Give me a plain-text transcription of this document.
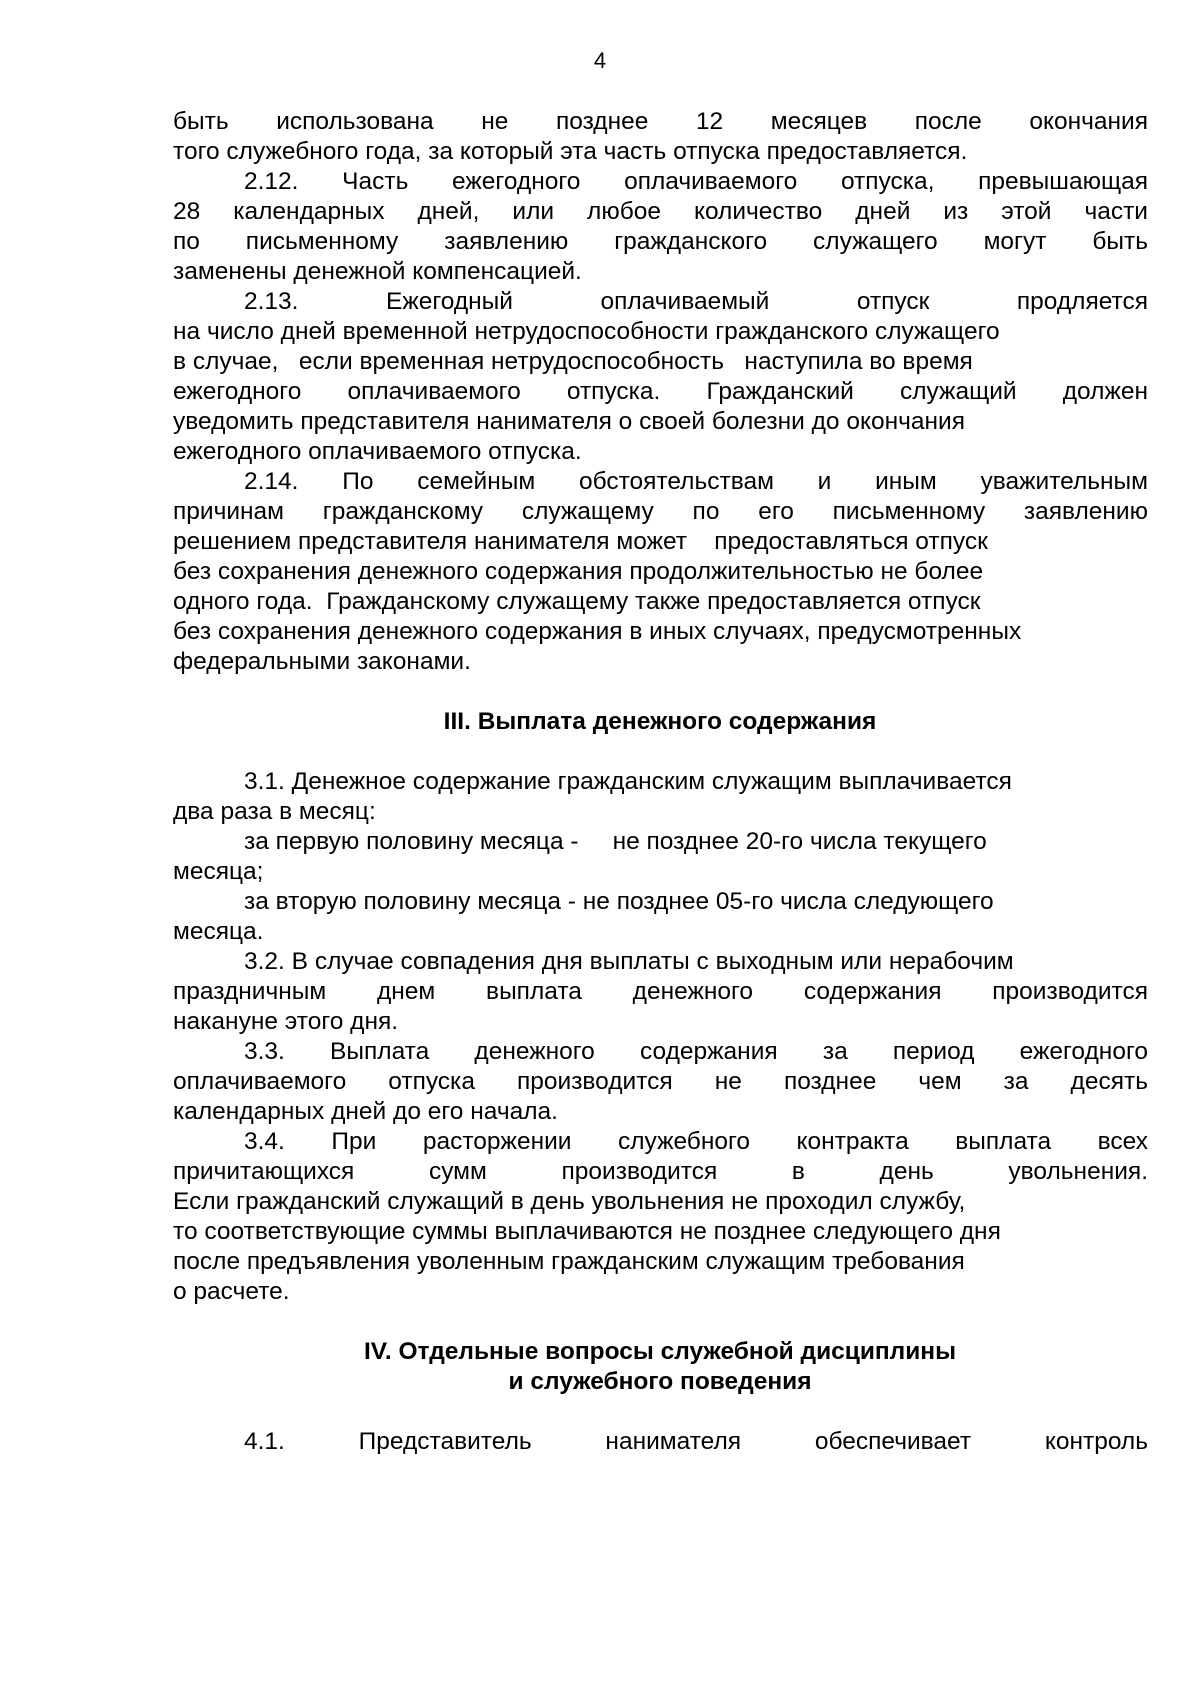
4
быть использована не позднее 12 месяцев после окончания
того служебного года, за который эта часть отпуска предоставляется.
2.12. Часть ежегодного оплачиваемого отпуска, превышающая
28 календарных дней, или любое количество дней из этой части
по письменному заявлению гражданского служащего могут быть
заменены денежной компенсацией.
2.13. Ежегодный оплачиваемый отпуск продляется
на число дней временной нетрудоспособности гражданского служащего
в случае,   если временная нетрудоспособность   наступила во время
ежегодного оплачиваемого отпуска. Гражданский служащий должен
уведомить представителя нанимателя о своей болезни до окончания
ежегодного оплачиваемого отпуска.
2.14. По семейным обстоятельствам и иным уважительным
причинам гражданскому служащему по его письменному заявлению
решением представителя нанимателя может    предоставляться отпуск
без сохранения денежного содержания продолжительностью не более
одного года.  Гражданскому служащему также предоставляется отпуск
без сохранения денежного содержания в иных случаях, предусмотренных
федеральными законами.
III. Выплата денежного содержания
3.1. Денежное содержание гражданским служащим выплачивается
два раза в месяц:
за первую половину месяца -     не позднее 20-го числа текущего
месяца;
за вторую половину месяца - не позднее 05-го числа следующего
месяца.
3.2. В случае совпадения дня выплаты с выходным или нерабочим
праздничным днем выплата денежного содержания производится
накануне этого дня.
3.3. Выплата денежного содержания за период ежегодного
оплачиваемого отпуска производится не позднее чем за десять
календарных дней до его начала.
3.4. При расторжении служебного контракта выплата всех
причитающихся сумм производится в день увольнения.
Если гражданский служащий в день увольнения не проходил службу,
то соответствующие суммы выплачиваются не позднее следующего дня
после предъявления уволенным гражданским служащим требования
о расчете.
IV. Отдельные вопросы служебной дисциплины
и служебного поведения
4.1. Представитель нанимателя обеспечивает контроль
